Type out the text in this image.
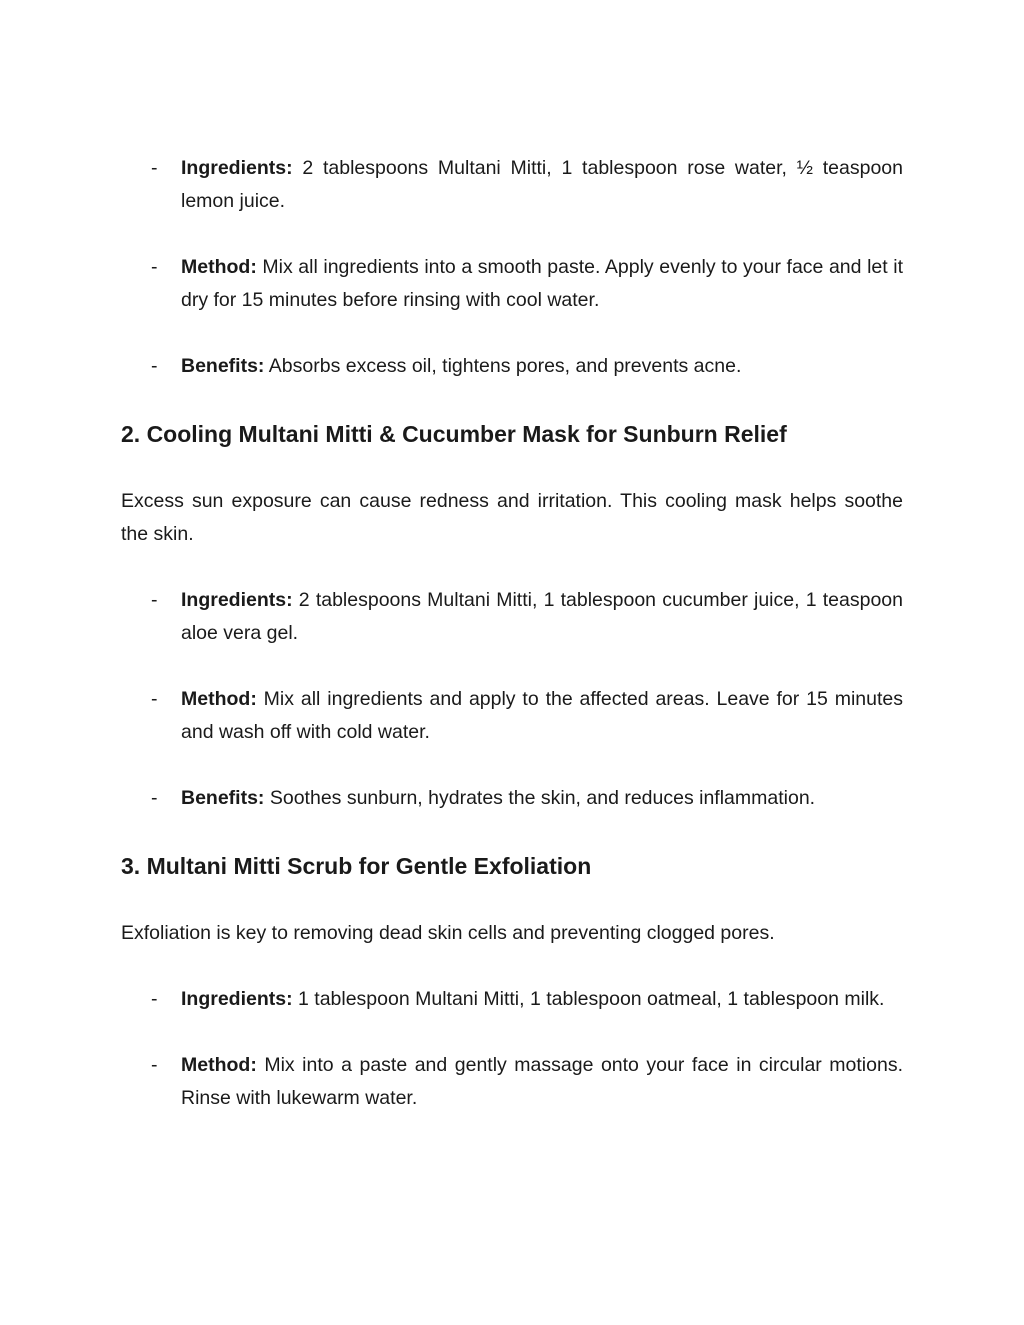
- Ingredients: 2 tablespoons Multani Mitti, 1 tablespoon rose water, ½ teaspoon lemon juice.

- Method: Mix all ingredients into a smooth paste. Apply evenly to your face and let it dry for 15 minutes before rinsing with cool water.

- Benefits: Absorbs excess oil, tightens pores, and prevents acne.

2. Cooling Multani Mitti & Cucumber Mask for Sunburn Relief

Excess sun exposure can cause redness and irritation. This cooling mask helps soothe the skin.

- Ingredients: 2 tablespoons Multani Mitti, 1 tablespoon cucumber juice, 1 teaspoon aloe vera gel.

- Method: Mix all ingredients and apply to the affected areas. Leave for 15 minutes and wash off with cold water.

- Benefits: Soothes sunburn, hydrates the skin, and reduces inflammation.

3. Multani Mitti Scrub for Gentle Exfoliation

Exfoliation is key to removing dead skin cells and preventing clogged pores.

- Ingredients: 1 tablespoon Multani Mitti, 1 tablespoon oatmeal, 1 tablespoon milk.

- Method: Mix into a paste and gently massage onto your face in circular motions. Rinse with lukewarm water.
